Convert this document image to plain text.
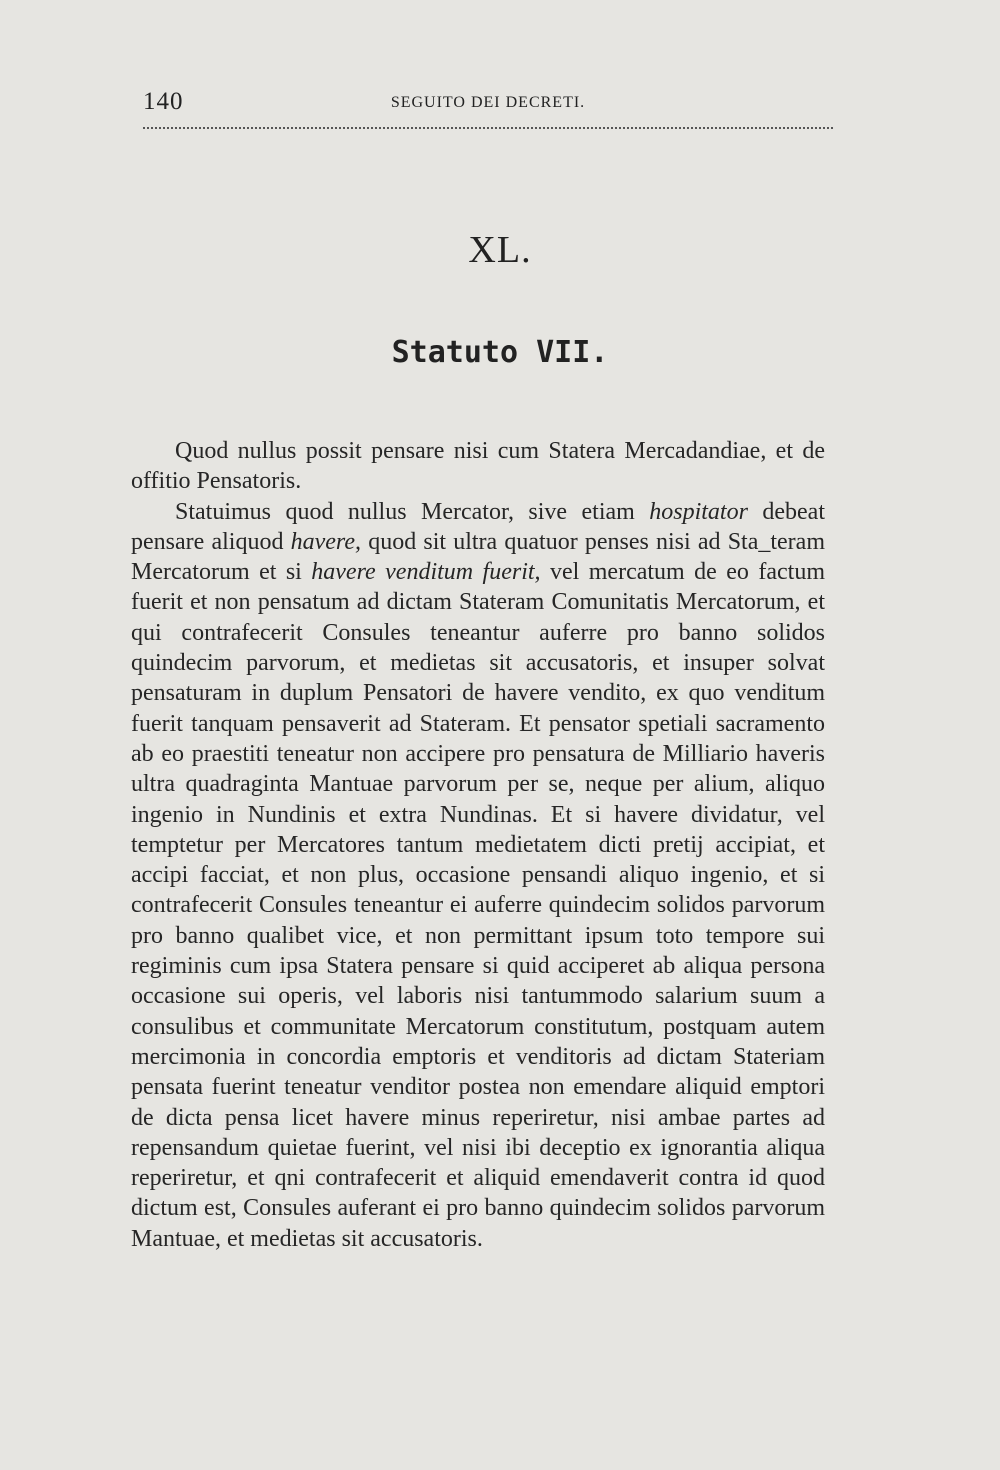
140	SEGUITO DEI DECRETI.
XL.
Statuto VII.

Quod nullus possit pensare nisi cum Statera Mercadandiae, et de offitio Pensatoris.

Statuimus quod nullus Mercator, sive etiam hospitator debeat pensare aliquod havere, quod sit ultra quatuor penses nisi ad Sta_teram Mercatorum et si havere venditum fuerit, vel mercatum de eo factum fuerit et non pensatum ad dictam Stateram Comunitatis Mercatorum, et qui contrafecerit Consules teneantur auferre pro banno solidos quindecim parvorum, et medietas sit accusatoris, et insuper solvat pensaturam in duplum Pensatori de havere vendito, ex quo venditum fuerit tanquam pensaverit ad Stateram. Et pensator spetiali sacramento ab eo praestiti teneatur non accipere pro pensatura de Milliario haveris ultra quadraginta Mantuae parvorum per se, neque per alium, aliquo ingenio in Nundinis et extra Nundinas. Et si havere dividatur, vel temptetur per Mercatores tantum medietatem dicti pretij accipiat, et accipi facciat, et non plus, occasione pensandi aliquo ingenio, et si contrafecerit Consules teneantur ei auferre quindecim solidos parvorum pro banno qualibet vice, et non permittant ipsum toto tempore sui regiminis cum ipsa Statera pensare si quid acciperet ab aliqua persona occasione sui operis, vel laboris nisi tantummodo salarium suum a consulibus et communitate Mercatorum constitutum, postquam autem mercimonia in concordia emptoris et venditoris ad dictam Stateriam pensata fuerint teneatur venditor postea non emendare aliquid emptori de dicta pensa licet havere minus reperiretur, nisi ambae partes ad repensandum quietae fuerint, vel nisi ibi deceptio ex ignorantia aliqua reperiretur, et qni contrafecerit et aliquid emendaverit contra id quod dictum est, Consules auferant ei pro banno quindecim solidos parvorum Mantuae, et medietas sit accusatoris.
